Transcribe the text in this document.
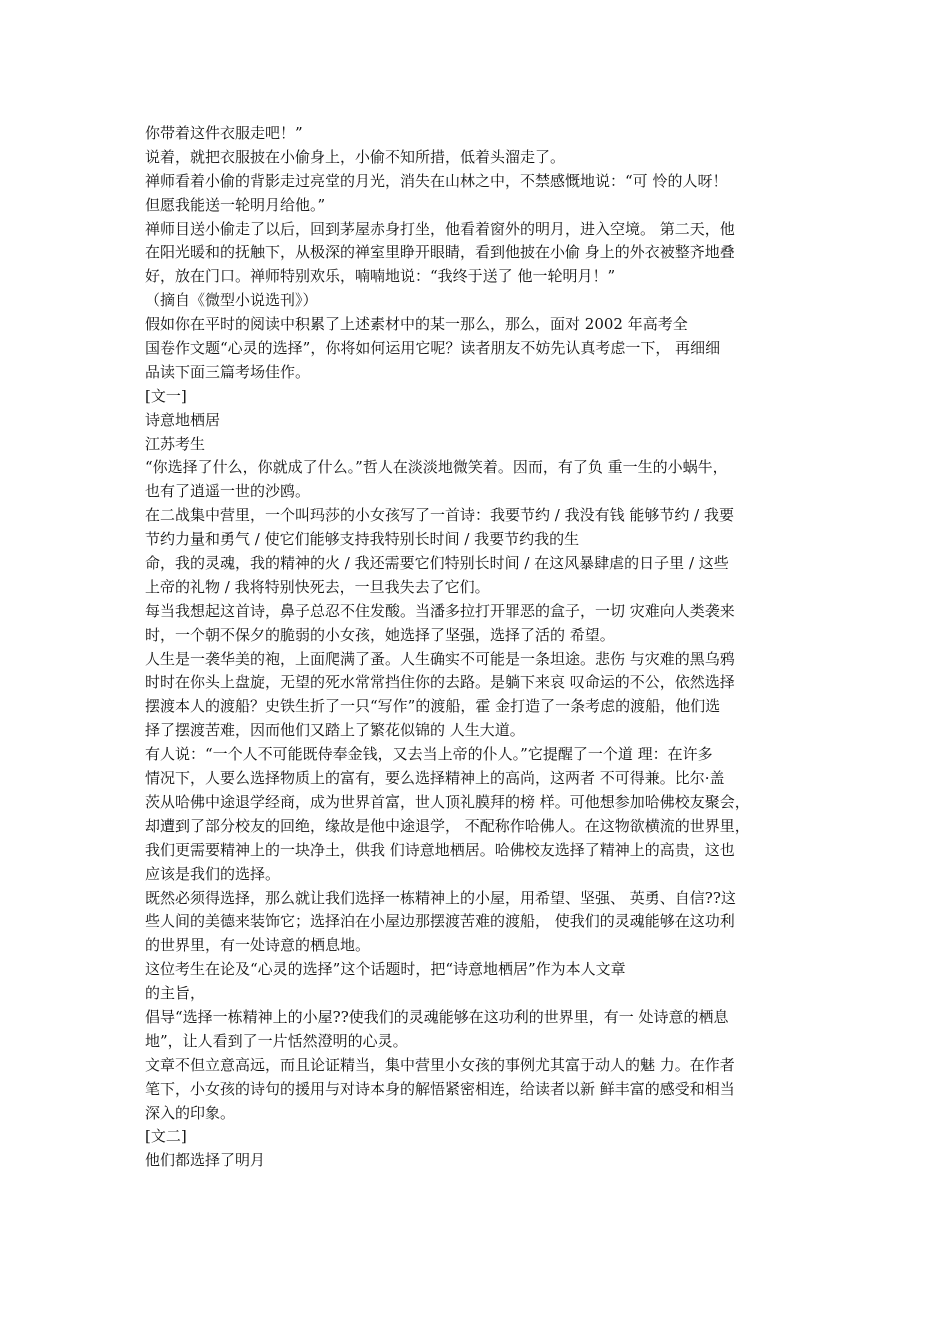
你带着这件衣服走吧！”
说着，就把衣服披在小偷身上，小偷不知所措，低着头溜走了。
禅师看着小偷的背影走过亮堂的月光，消失在山林之中，不禁感慨地说：“可 怜的人呀！
但愿我能送一轮明月给他。”
禅师目送小偷走了以后，回到茅屋赤身打坐，他看着窗外的明月，进入空境。 第二天，他
在阳光暖和的抚触下，从极深的禅室里睁开眼睛，看到他披在小偷 身上的外衣被整齐地叠
好，放在门口。禅师特别欢乐，喃喃地说：“我终于送了 他一轮明月！”
（摘自《微型小说选刊》）
假如你在平时的阅读中积累了上述素材中的某一那么，那么，面对 2002 年高考全
国卷作文题“心灵的选择”，你将如何运用它呢？读者朋友不妨先认真考虑一下， 再细细
品读下面三篇考场佳作。
[文一]
诗意地栖居
江苏考生
“你选择了什么，你就成了什么。”哲人在淡淡地微笑着。因而，有了负 重一生的小蜗牛，
也有了逍遥一世的沙鸥。
在二战集中营里，一个叫玛莎的小女孩写了一首诗：我要节约 / 我没有钱 能够节约 / 我要
节约力量和勇气 / 使它们能够支持我特别长时间 / 我要节约我的生
命，我的灵魂，我的精神的火 / 我还需要它们特别长时间 / 在这风暴肆虐的日子里 / 这些
上帝的礼物 / 我将特别快死去，一旦我失去了它们。
每当我想起这首诗，鼻子总忍不住发酸。当潘多拉打开罪恶的盒子，一切 灾难向人类袭来
时，一个朝不保夕的脆弱的小女孩，她选择了坚强，选择了活的 希望。
人生是一袭华美的袍，上面爬满了蚤。人生确实不可能是一条坦途。悲伤 与灾难的黑乌鸦
时时在你头上盘旋，无望的死水常常挡住你的去路。是躺下来哀 叹命运的不公，依然选择
摆渡本人的渡船？史铁生折了一只“写作”的渡船，霍 金打造了一条考虑的渡船，他们选
择了摆渡苦难，因而他们又踏上了繁花似锦的 人生大道。
有人说：“一个人不可能既侍奉金钱，又去当上帝的仆人。”它提醒了一个道 理：在许多
情况下，人要么选择物质上的富有，要么选择精神上的高尚，这两者 不可得兼。比尔·盖
茨从哈佛中途退学经商，成为世界首富，世人顶礼膜拜的榜 样。可他想参加哈佛校友聚会，
却遭到了部分校友的回绝，缘故是他中途退学， 不配称作哈佛人。在这物欲横流的世界里，
我们更需要精神上的一块净土，供我 们诗意地栖居。哈佛校友选择了精神上的高贵，这也
应该是我们的选择。
既然必须得选择，那么就让我们选择一栋精神上的小屋，用希望、坚强、 英勇、自信??这
些人间的美德来装饰它；选择泊在小屋边那摆渡苦难的渡船， 使我们的灵魂能够在这功利
的世界里，有一处诗意的栖息地。
这位考生在论及“心灵的选择”这个话题时，把“诗意地栖居”作为本人文章
的主旨，
倡导“选择一栋精神上的小屋??使我们的灵魂能够在这功利的世界里，有一 处诗意的栖息
地”，让人看到了一片恬然澄明的心灵。
文章不但立意高远，而且论证精当，集中营里小女孩的事例尤其富于动人的魅 力。在作者
笔下，小女孩的诗句的援用与对诗本身的解悟紧密相连，给读者以新 鲜丰富的感受和相当
深入的印象。
[文二]
他们都选择了明月
